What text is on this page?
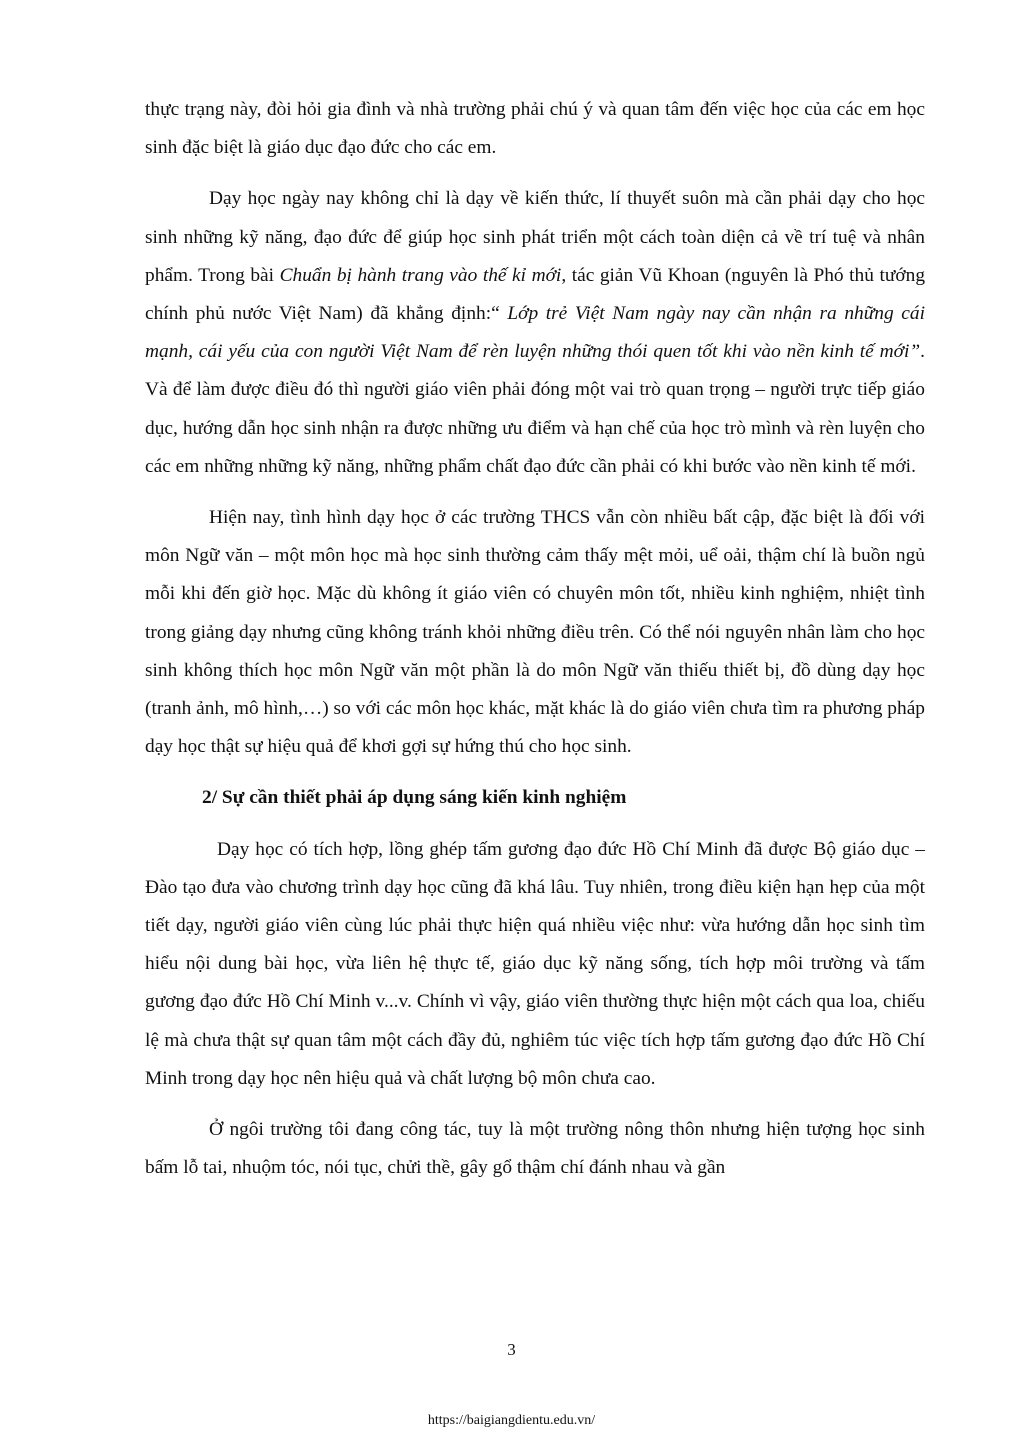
thực trạng này, đòi hỏi gia đình và nhà trường phải chú ý và quan tâm đến việc học của các em học sinh đặc biệt là giáo dục đạo đức cho các em.

Dạy học ngày nay không chỉ là dạy về kiến thức, lí thuyết suôn mà cần phải dạy cho học sinh những kỹ năng, đạo đức để giúp học sinh phát triển một cách toàn diện cả về trí tuệ và nhân phẩm. Trong bài Chuẩn bị hành trang vào thế kỉ mới, tác giản Vũ Khoan (nguyên là Phó thủ tướng chính phủ nước Việt Nam) đã khẳng định:“ Lớp trẻ Việt Nam ngày nay cần nhận ra những cái mạnh, cái yếu của con người Việt Nam để rèn luyện những thói quen tốt khi vào nền kinh tế mới”. Và để làm được điều đó thì người giáo viên phải đóng một vai trò quan trọng – người trực tiếp giáo dục, hướng dẫn học sinh nhận ra được những ưu điểm và hạn chế của học trò mình và rèn luyện cho các em những những kỹ năng, những phẩm chất đạo đức cần phải có khi bước vào nền kinh tế mới.

Hiện nay, tình hình dạy học ở các trường THCS vẫn còn nhiều bất cập, đặc biệt là đối với môn Ngữ văn – một môn học mà học sinh thường cảm thấy mệt mỏi, uể oải, thậm chí là buồn ngủ mỗi khi đến giờ học. Mặc dù không ít giáo viên có chuyên môn tốt, nhiều kinh nghiệm, nhiệt tình trong giảng dạy nhưng cũng không tránh khỏi những điều trên. Có thể nói nguyên nhân làm cho học sinh không thích học môn Ngữ văn một phần là do môn Ngữ văn thiếu thiết bị, đồ dùng dạy học (tranh ảnh, mô hình,…) so với các môn học khác, mặt khác là do giáo viên chưa tìm ra phương pháp dạy học thật sự hiệu quả để khơi gợi sự hứng thú cho học sinh.

2/ Sự cần thiết phải áp dụng sáng kiến kinh nghiệm

Dạy học có tích hợp, lồng ghép tấm gương đạo đức Hồ Chí Minh đã được Bộ giáo dục – Đào tạo đưa vào chương trình dạy học cũng đã khá lâu. Tuy nhiên, trong điều kiện hạn hẹp của một tiết dạy, người giáo viên cùng lúc phải thực hiện quá nhiều việc như: vừa hướng dẫn học sinh tìm hiểu nội dung bài học, vừa liên hệ thực tế, giáo dục kỹ năng sống, tích hợp môi trường và tấm gương đạo đức Hồ Chí Minh v...v. Chính vì vậy, giáo viên thường thực hiện một cách qua loa, chiếu lệ mà chưa thật sự quan tâm một cách đầy đủ, nghiêm túc việc tích hợp tấm gương đạo đức Hồ Chí Minh trong dạy học nên hiệu quả và chất lượng bộ môn chưa cao.

Ở ngôi trường tôi đang công tác, tuy là một trường nông thôn nhưng hiện tượng học sinh bấm lỗ tai, nhuộm tóc, nói tục, chửi thề, gây gổ thậm chí đánh nhau và gần

3
https://baigiangdientu.edu.vn/
